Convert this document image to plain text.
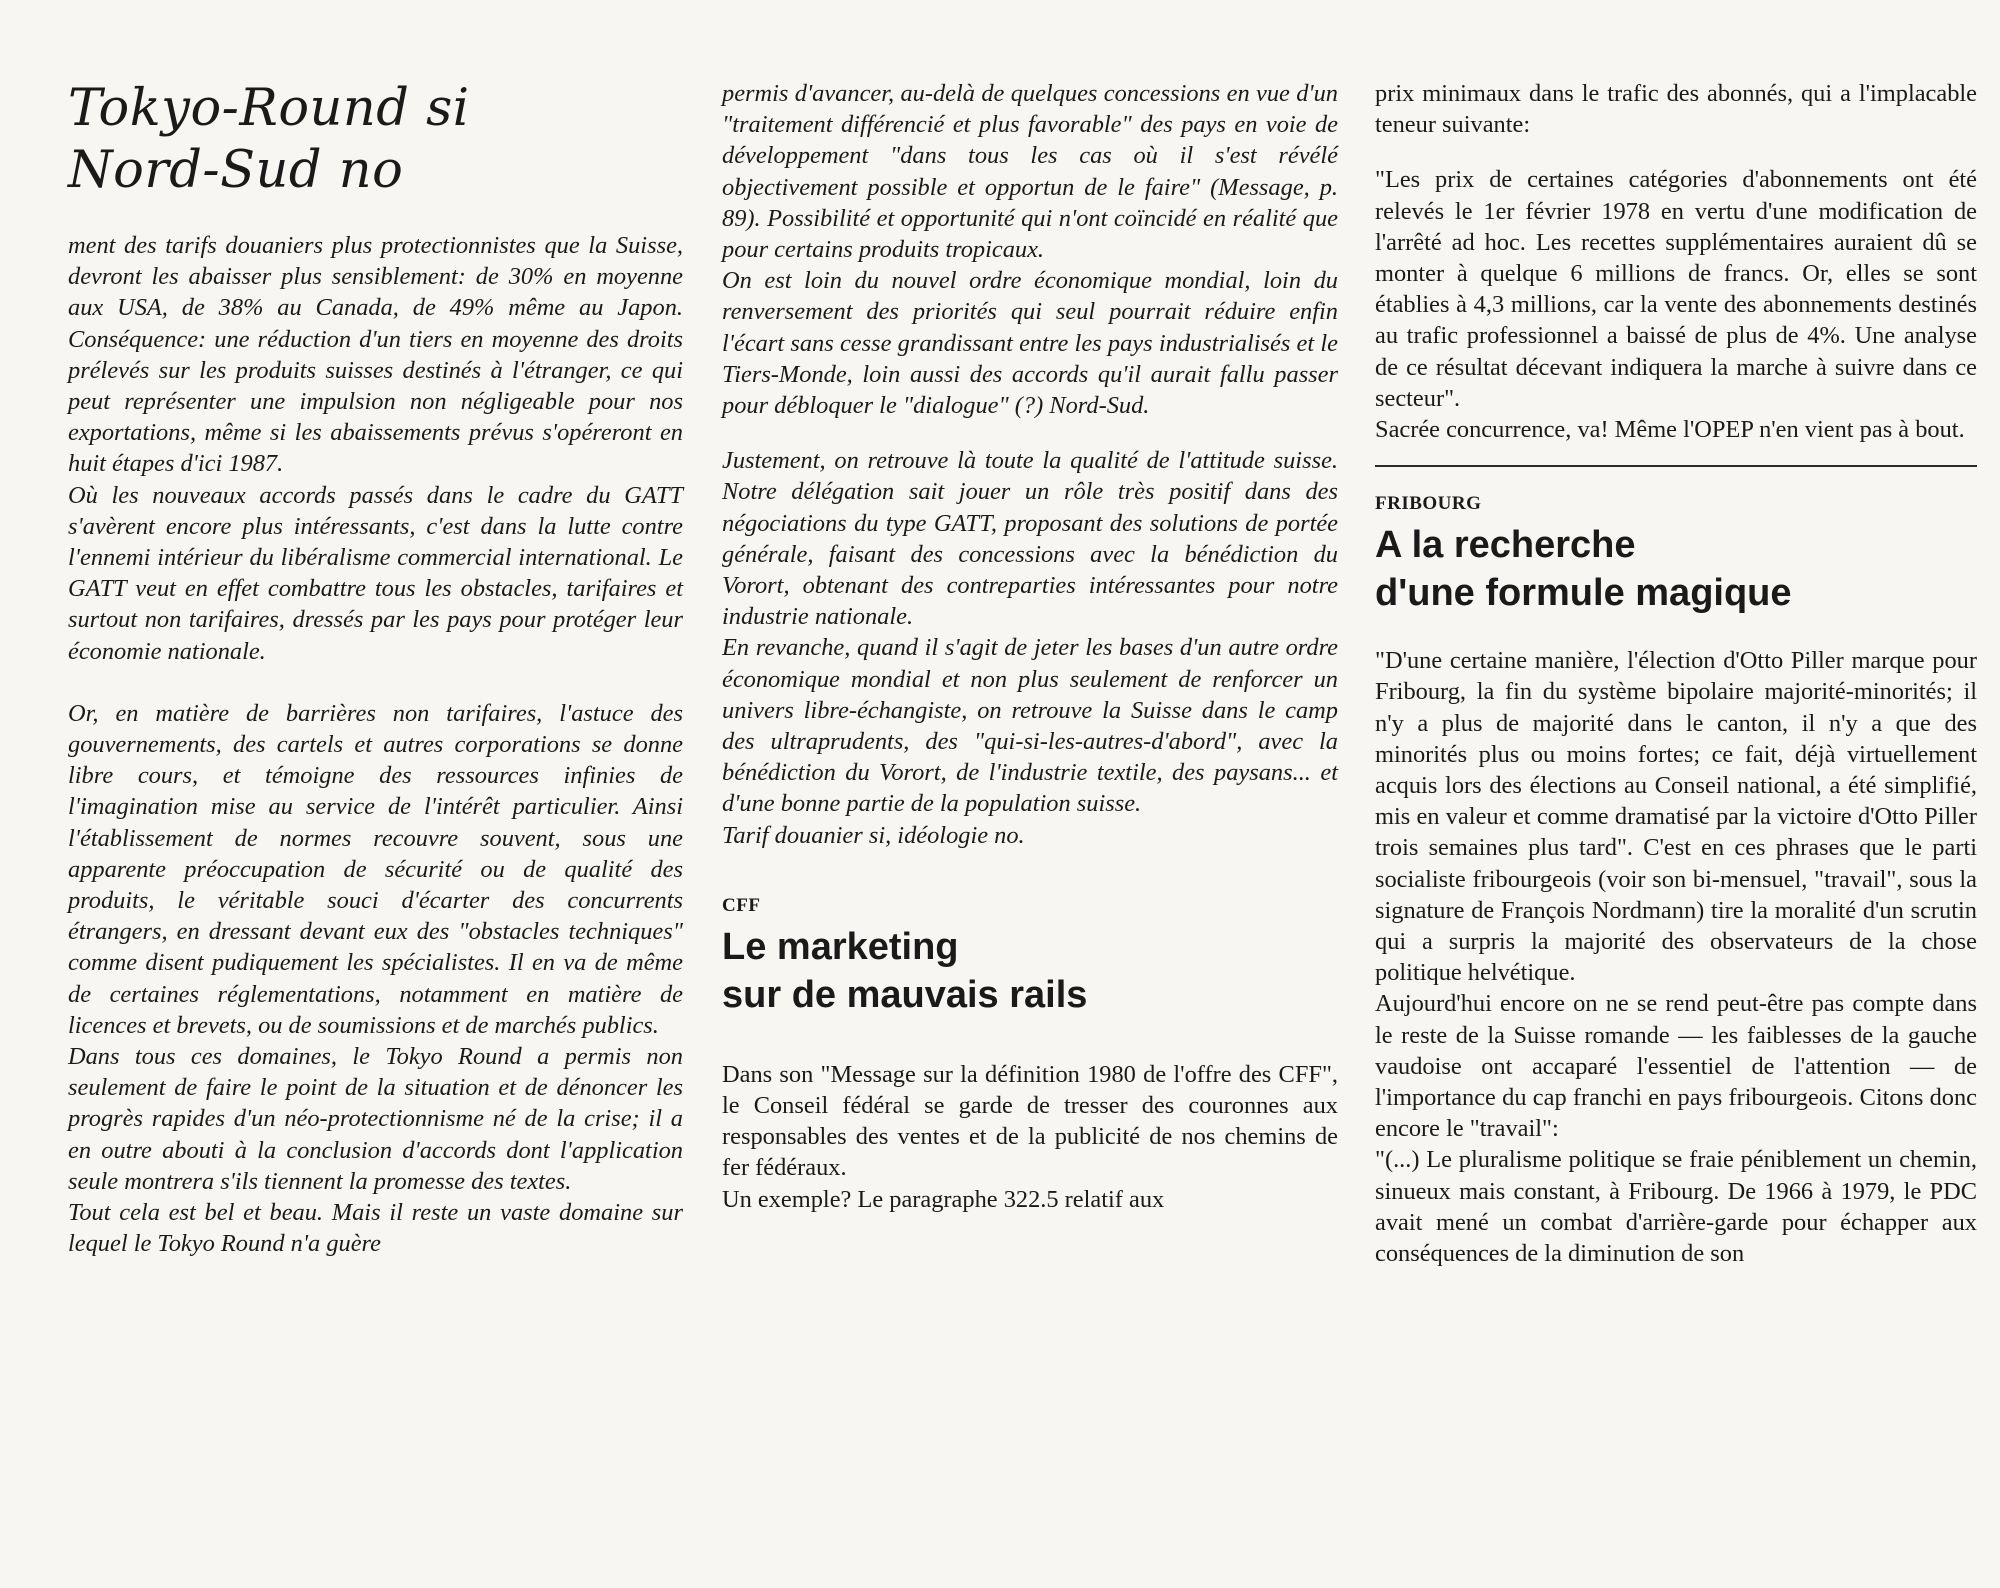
Tokyo-Round si
Nord-Sud no

ment des tarifs douaniers plus protectionnistes que la Suisse, devront les abaisser plus sensiblement: de 30% en moyenne aux USA, de 38% au Canada, de 49% même au Japon. Conséquence: une réduction d'un tiers en moyenne des droits prélevés sur les produits suisses destinés à l'étranger, ce qui peut représenter une impulsion non négligeable pour nos exportations, même si les abaissements prévus s'opéreront en huit étapes d'ici 1987.

Où les nouveaux accords passés dans le cadre du GATT s'avèrent encore plus intéressants, c'est dans la lutte contre l'ennemi intérieur du libéralisme commercial international. Le GATT veut en effet combattre tous les obstacles, tarifaires et surtout non tarifaires, dressés par les pays pour protéger leur économie nationale.

Or, en matière de barrières non tarifaires, l'astuce des gouvernements, des cartels et autres corporations se donne libre cours, et témoigne des ressources infinies de l'imagination mise au service de l'intérêt particulier. Ainsi l'établissement de normes recouvre souvent, sous une apparente préoccupation de sécurité ou de qualité des produits, le véritable souci d'écarter des concurrents étrangers, en dressant devant eux des "obstacles techniques" comme disent pudiquement les spécialistes. Il en va de même de certaines réglementations, notamment en matière de licences et brevets, ou de soumissions et de marchés publics.

Dans tous ces domaines, le Tokyo Round a permis non seulement de faire le point de la situation et de dénoncer les progrès rapides d'un néo-protectionnisme né de la crise; il a en outre abouti à la conclusion d'accords dont l'application seule montrera s'ils tiennent la promesse des textes.

Tout cela est bel et beau. Mais il reste un vaste domaine sur lequel le Tokyo Round n'a guère

permis d'avancer, au-delà de quelques concessions en vue d'un "traitement différencié et plus favorable" des pays en voie de développement "dans tous les cas où il s'est révélé objectivement possible et opportun de le faire" (Message, p. 89). Possibilité et opportunité qui n'ont coïncidé en réalité que pour certains produits tropicaux.

On est loin du nouvel ordre économique mondial, loin du renversement des priorités qui seul pourrait réduire enfin l'écart sans cesse grandissant entre les pays industrialisés et le Tiers-Monde, loin aussi des accords qu'il aurait fallu passer pour débloquer le "dialogue" (?) Nord-Sud.

Justement, on retrouve là toute la qualité de l'attitude suisse. Notre délégation sait jouer un rôle très positif dans des négociations du type GATT, proposant des solutions de portée générale, faisant des concessions avec la bénédiction du Vorort, obtenant des contreparties intéressantes pour notre industrie nationale.

En revanche, quand il s'agit de jeter les bases d'un autre ordre économique mondial et non plus seulement de renforcer un univers libre-échangiste, on retrouve la Suisse dans le camp des ultraprudents, des "qui-si-les-autres-d'abord", avec la bénédiction du Vorort, de l'industrie textile, des paysans... et d'une bonne partie de la population suisse.

Tarif douanier si, idéologie no.

CFF
Le marketing
sur de mauvais rails

Dans son "Message sur la définition 1980 de l'offre des CFF", le Conseil fédéral se garde de tresser des couronnes aux responsables des ventes et de la publicité de nos chemins de fer fédéraux.

Un exemple? Le paragraphe 322.5 relatif aux

prix minimaux dans le trafic des abonnés, qui a l'implacable teneur suivante:

"Les prix de certaines catégories d'abonnements ont été relevés le 1er février 1978 en vertu d'une modification de l'arrêté ad hoc. Les recettes supplémentaires auraient dû se monter à quelque 6 millions de francs. Or, elles se sont établies à 4,3 millions, car la vente des abonnements destinés au trafic professionnel a baissé de plus de 4%. Une analyse de ce résultat décevant indiquera la marche à suivre dans ce secteur".

Sacrée concurrence, va! Même l'OPEP n'en vient pas à bout.

FRIBOURG
A la recherche
d'une formule magique

"D'une certaine manière, l'élection d'Otto Piller marque pour Fribourg, la fin du système bipolaire majorité-minorités; il n'y a plus de majorité dans le canton, il n'y a que des minorités plus ou moins fortes; ce fait, déjà virtuellement acquis lors des élections au Conseil national, a été simplifié, mis en valeur et comme dramatisé par la victoire d'Otto Piller trois semaines plus tard". C'est en ces phrases que le parti socialiste fribourgeois (voir son bi-mensuel, "travail", sous la signature de François Nordmann) tire la moralité d'un scrutin qui a surpris la majorité des observateurs de la chose politique helvétique.

Aujourd'hui encore on ne se rend peut-être pas compte dans le reste de la Suisse romande — les faiblesses de la gauche vaudoise ont accaparé l'essentiel de l'attention — de l'importance du cap franchi en pays fribourgeois. Citons donc encore le "travail":

"(...) Le pluralisme politique se fraie péniblement un chemin, sinueux mais constant, à Fribourg. De 1966 à 1979, le PDC avait mené un combat d'arrière-garde pour échapper aux conséquences de la diminution de son
